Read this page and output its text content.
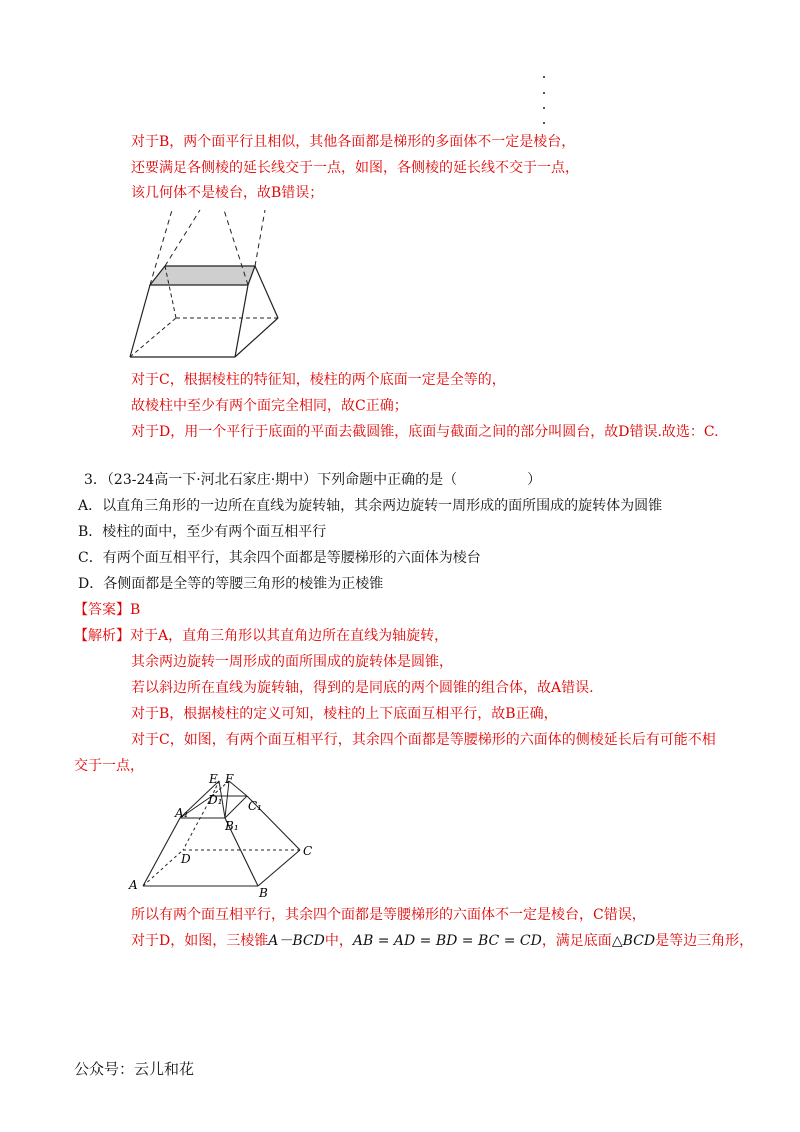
对于B，两个面平行且相似，其他各面都是梯形的多面体不一定是棱台，
还要满足各侧棱的延长线交于一点，如图，各侧棱的延长线不交于一点，
该几何体不是棱台，故B错误；
对于C，根据棱柱的特征知，棱柱的两个底面一定是全等的，
故棱柱中至少有两个面完全相同，故C正确；
对于D，用一个平行于底面的平面去截圆锥，底面与截面之间的部分叫圆台，故D错误.故选：C.
3．（23-24高一下·河北石家庄·期中）下列命题中正确的是（　　　　　）
A．以直角三角形的一边所在直线为旋转轴，其余两边旋转一周形成的面所围成的旋转体为圆锥
B．棱柱的面中，至少有两个面互相平行
C．有两个面互相平行，其余四个面都是等腰梯形的六面体为棱台
D．各侧面都是全等的等腰三角形的棱锥为正棱锥
【答案】B
【解析】对于A，直角三角形以其直角边所在直线为轴旋转，
其余两边旋转一周形成的面所围成的旋转体是圆锥，
若以斜边所在直线为旋转轴，得到的是同底的两个圆锥的组合体，故A错误.
对于B，根据棱柱的定义可知，棱柱的上下底面互相平行，故B正确，
对于C，如图，有两个面互相平行，其余四个面都是等腰梯形的六面体的侧棱延长后有可能不相
交于一点，
E F
D₁ C₁
A₁
B₁
D
C
A
B
所以有两个面互相平行，其余四个面都是等腰梯形的六面体不一定是棱台，C错误，
对于D，如图，三棱锥A－BCD中，AB = AD = BD = BC = CD，满足底面△BCD是等边三角形，
公众号：云儿和花
